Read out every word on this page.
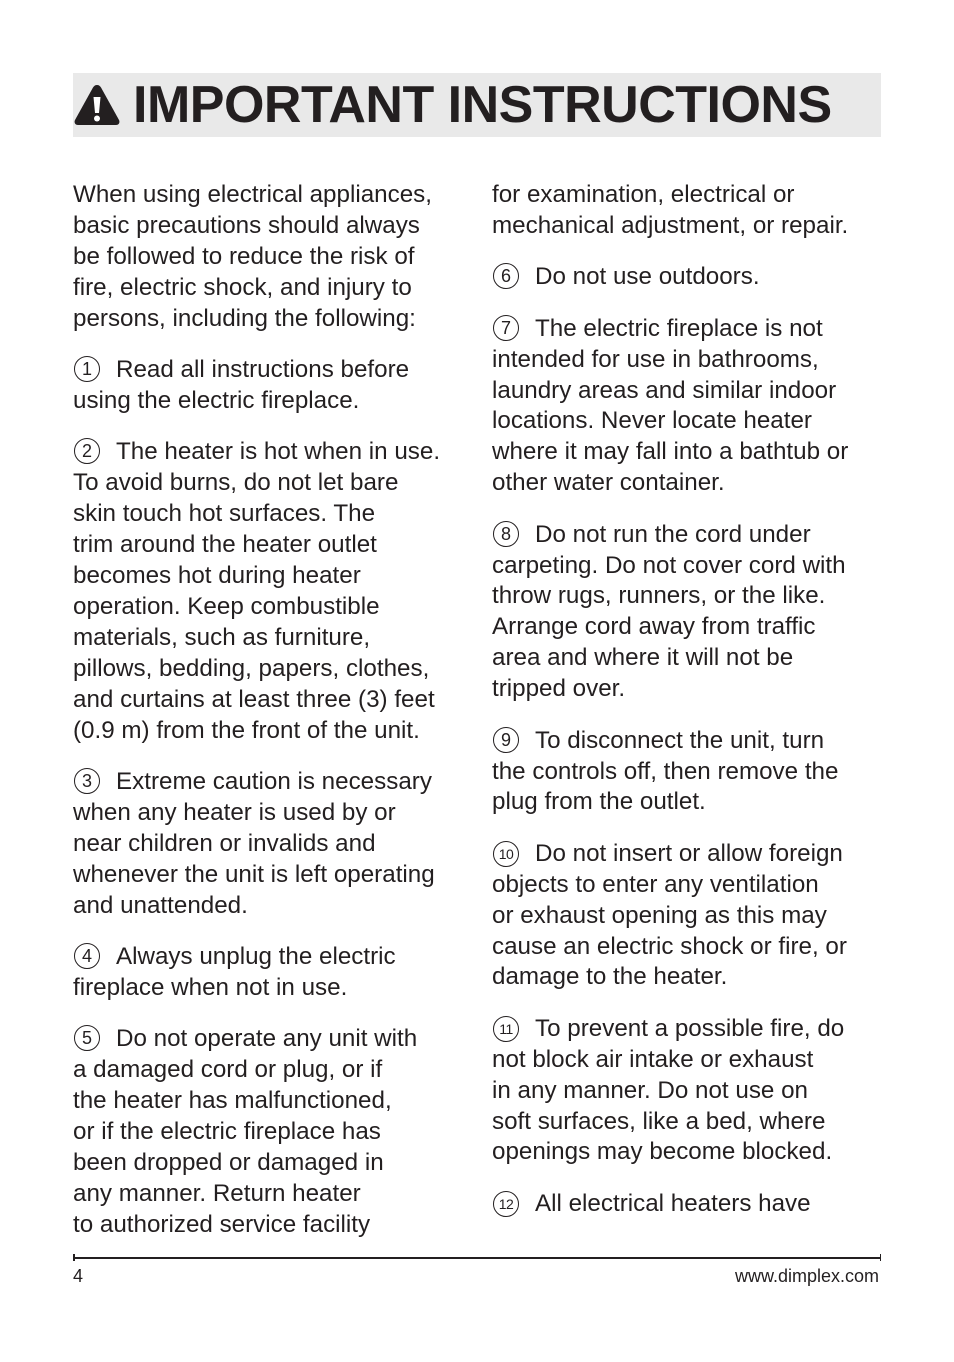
IMPORTANT INSTRUCTIONS

When using electrical appliances,
basic precautions should always
be followed to reduce the risk of
fire, electric shock, and injury to
persons, including the following:

1 Read all instructions before
using the electric fireplace.

2 The heater is hot when in use.
To avoid burns, do not let bare
skin touch hot surfaces. The
trim around the heater outlet
becomes hot during heater
operation. Keep combustible
materials, such as furniture,
pillows, bedding, papers, clothes,
and curtains at least three (3) feet
(0.9 m) from the front of the unit.

3 Extreme caution is necessary
when any heater is used by or
near children or invalids and
whenever the unit is left operating
and unattended.

4 Always unplug the electric
fireplace when not in use.

5 Do not operate any unit with
a damaged cord or plug, or if
the heater has malfunctioned,
or if the electric fireplace has
been dropped or damaged in
any manner. Return heater
to authorized service facility

for examination, electrical or
mechanical adjustment, or repair.

6 Do not use outdoors.

7 The electric fireplace is not
intended for use in bathrooms,
laundry areas and similar indoor
locations. Never locate heater
where it may fall into a bathtub or
other water container.

8 Do not run the cord under
carpeting. Do not cover cord with
throw rugs, runners, or the like.
Arrange cord away from traffic
area and where it will not be
tripped over.

9 To disconnect the unit, turn
the controls off, then remove the
plug from the outlet.

10 Do not insert or allow foreign
objects to enter any ventilation
or exhaust opening as this may
cause an electric shock or fire, or
damage to the heater.

11 To prevent a possible fire, do
not block air intake or exhaust
in any manner. Do not use on
soft surfaces, like a bed, where
openings may become blocked.

12 All electrical heaters have

4	www.dimplex.com
